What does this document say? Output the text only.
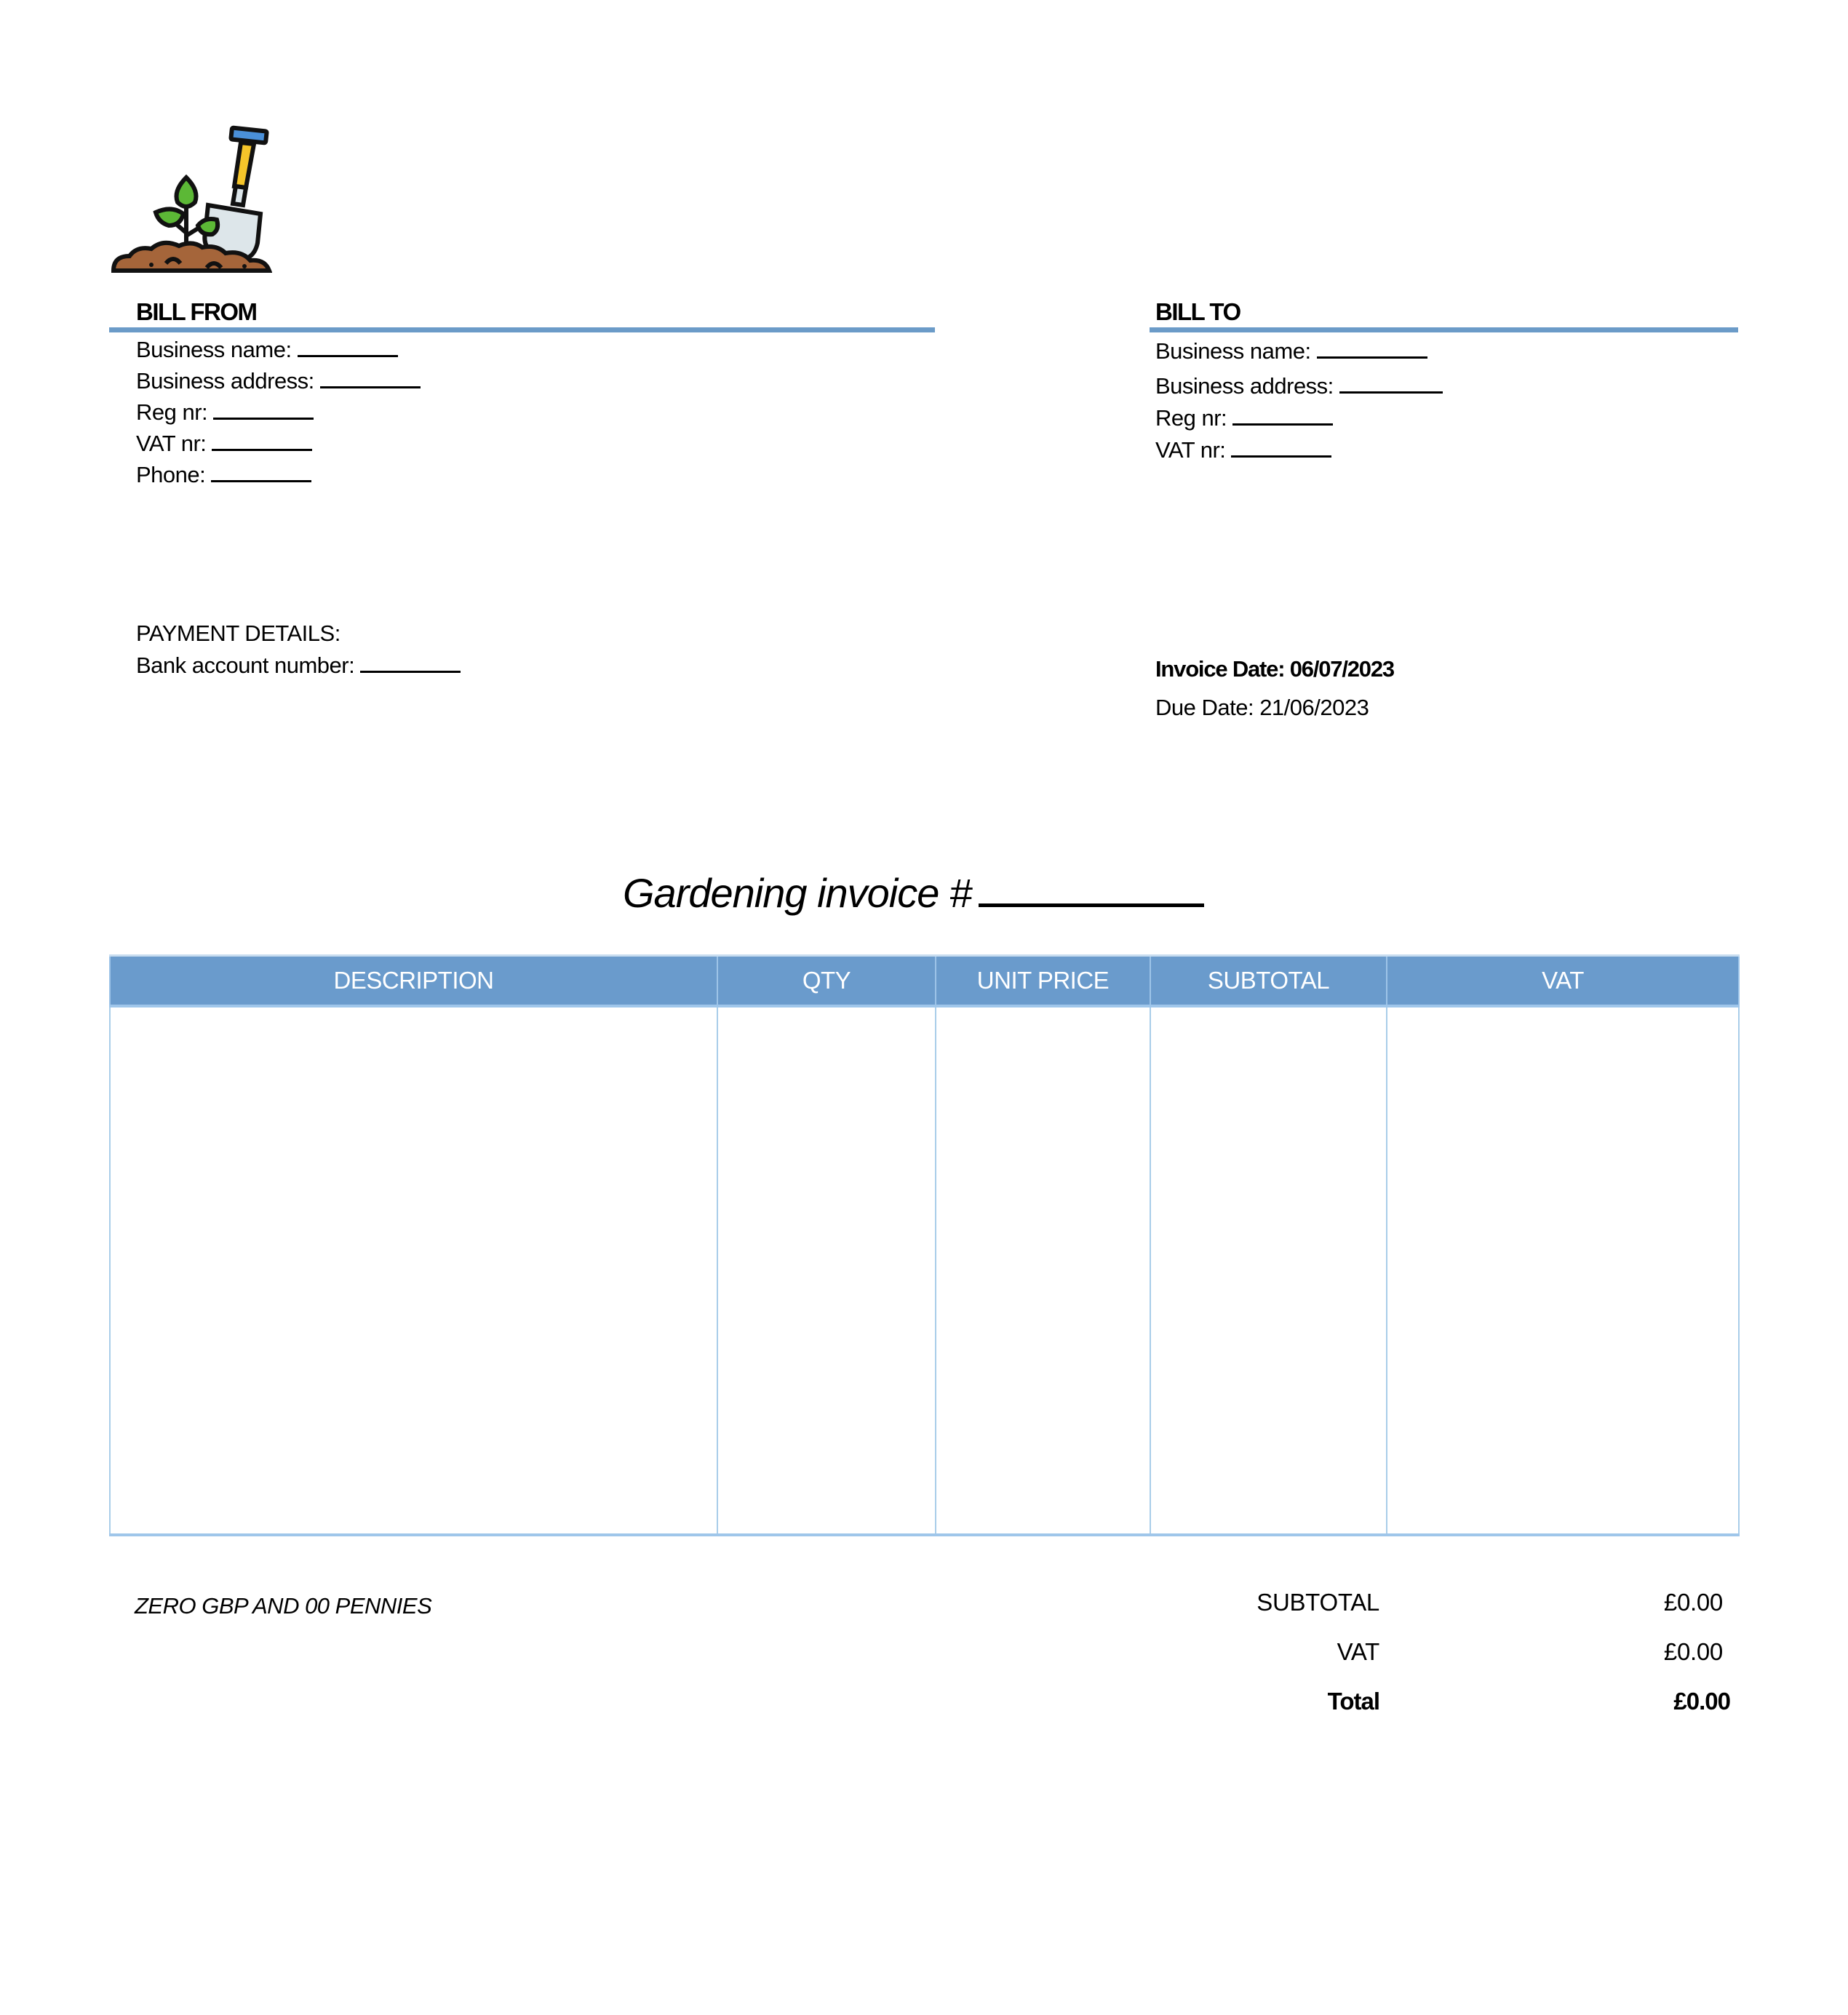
BILL FROM
Business name:
Business address:
Reg nr:
VAT nr:
Phone:
BILL TO
Business name:
Business address:
Reg nr:
VAT nr:
PAYMENT DETAILS:
Bank account number:	Invoice Date: 06/07/2023
Due Date: 21/06/2023
Gardening invoice #
DESCRIPTION	QTY	UNIT PRICE	SUBTOTAL	VAT

ZERO GBP AND 00 PENNIES	SUBTOTAL	£0.00
VAT	£0.00
Total	£0.00
